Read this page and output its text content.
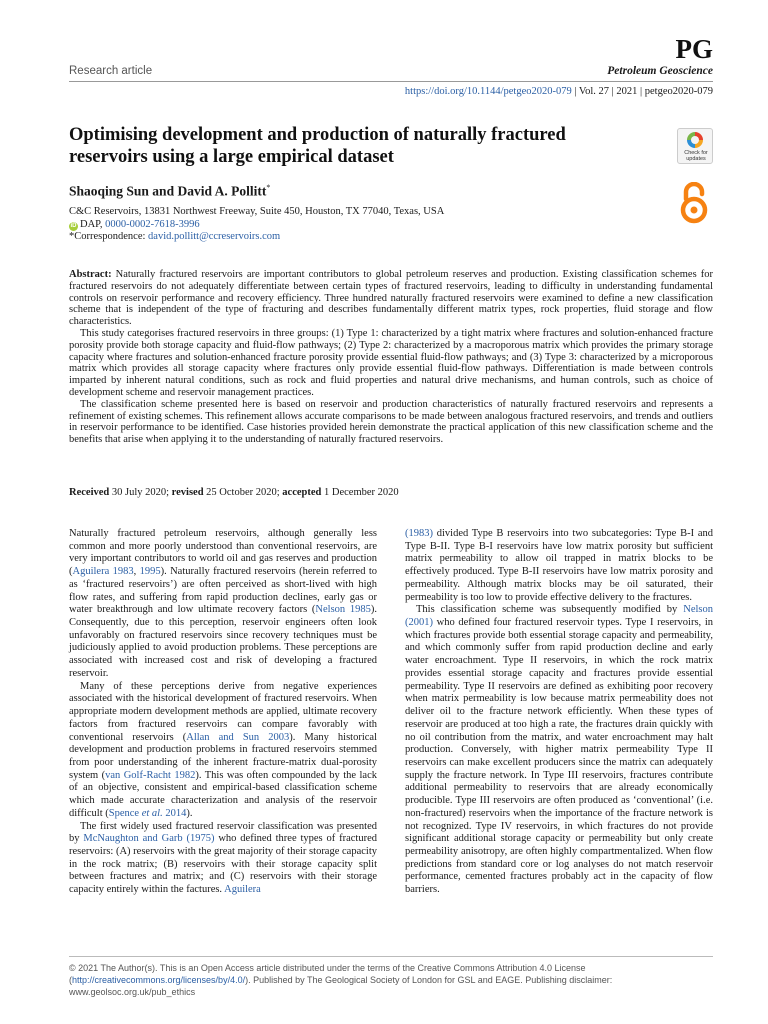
PG
Petroleum Geoscience
Research article
https://doi.org/10.1144/petgeo2020-079 | Vol. 27 | 2021 | petgeo2020-079
Optimising development and production of naturally fractured reservoirs using a large empirical dataset	Check for updates
Shaoqing Sun and David A. Pollitt*
C&C Reservoirs, 13831 Northwest Freeway, Suite 450, Houston, TX 77040, Texas, USA
iD DAP, 0000-0002-7618-3996
*Correspondence: david.pollitt@ccreservoirs.com

Abstract: Naturally fractured reservoirs are important contributors to global petroleum reserves and production. Existing classification schemes for fractured reservoirs do not adequately differentiate between certain types of fractured reservoirs, leading to difficulty in understanding fundamental controls on reservoir performance and recovery efficiency. Three hundred naturally fractured reservoirs were examined to define a new classification scheme that is independent of the type of fracturing and describes fundamentally different matrix types, rock properties, fluid storage and flow characteristics.

This study categorises fractured reservoirs in three groups: (1) Type 1: characterized by a tight matrix where fractures and solution-enhanced fracture porosity provide both storage capacity and fluid-flow pathways; (2) Type 2: characterized by a macroporous matrix which provides the primary storage capacity where fractures and solution-enhanced fracture porosity provide essential fluid-flow pathways; and (3) Type 3: characterized by a microporous matrix which provides all storage capacity where fractures only provide essential fluid-flow pathways. Differentiation is made between controls imparted by inherent natural conditions, such as rock and fluid properties and natural drive mechanisms, and human controls, such as choice of development scheme and reservoir management practices.

The classification scheme presented here is based on reservoir and production characteristics of naturally fractured reservoirs and represents a refinement of existing schemes. This refinement allows accurate comparisons to be made between analogous fractured reservoirs, and trends and outliers in reservoir performance to be identified. Case histories provided herein demonstrate the practical application of this new classification scheme and the benefits that arise when applying it to the understanding of naturally fractured reservoirs.

Received 30 July 2020; revised 25 October 2020; accepted 1 December 2020

Naturally fractured petroleum reservoirs, although generally less common and more poorly understood than conventional reservoirs, are very important contributors to world oil and gas reserves and production (Aguilera 1983, 1995). Naturally fractured reservoirs (herein referred to as ‘fractured reservoirs’) are often perceived as short-lived with high flow rates, and suffering from rapid production declines, early gas or water breakthrough and low ultimate recovery factors (Nelson 1985). Consequently, due to this perception, reservoir engineers often look unfavorably on fractured reservoirs since recovery techniques must be judiciously applied to avoid production problems. These perceptions are associated with increased cost and risk of developing a fractured reservoir.

Many of these perceptions derive from negative experiences associated with the historical development of fractured reservoirs. When appropriate modern development methods are applied, ultimate recovery factors from fractured reservoirs can compare favorably with conventional reservoirs (Allan and Sun 2003). Many historical development and production problems in fractured reservoirs stemmed from poor understanding of the inherent fracture-matrix dual-porosity system (van Golf-Racht 1982). This was often compounded by the lack of an objective, consistent and empirical-based classification scheme which made accurate characterization and analysis of the reservoir difficult (Spence et al. 2014).

The first widely used fractured reservoir classification was presented by McNaughton and Garb (1975) who defined three types of fractured reservoirs: (A) reservoirs with the great majority of their storage capacity in the rock matrix; (B) reservoirs with their storage capacity split between fractures and matrix; and (C) reservoirs with their storage capacity entirely within the factures. Aguilera

(1983) divided Type B reservoirs into two subcategories: Type B-I and Type B-II. Type B-I reservoirs have low matrix porosity but sufficient matrix permeability to allow oil trapped in matrix blocks to be effectively produced. Type B-II reservoirs have low matrix porosity and permeability. Although matrix blocks may be oil saturated, their permeability is too low to provide effective delivery to the fractures.

This classification scheme was subsequently modified by Nelson (2001) who defined four fractured reservoir types. Type I reservoirs, in which fractures provide both essential storage capacity and permeability, and which commonly suffer from rapid production decline and early water encroachment. Type II reservoirs, in which the rock matrix provides essential storage capacity and fractures provide essential permeability. Type II reservoirs are defined as exhibiting poor recovery when matrix permeability is low because matrix permeability does not deliver oil to the fracture network efficiently. When these types of reservoir are produced at too high a rate, the fractures drain quickly with no oil contribution from the matrix, and water encroachment may halt production. Conversely, with higher matrix permeability Type II reservoirs can make excellent producers since the matrix can adequately supply the fracture network. In Type III reservoirs, fractures contribute additional permeability to reservoirs that are already economically producible. Type III reservoirs are often produced as ‘conventional’ (i.e. non-fractured) reservoirs when the importance of the fracture network is not recognized. Type IV reservoirs, in which fractures do not provide significant additional storage capacity or permeability but only create permeability anisotropy, are often highly compartmentalized. When flow predictions from standard core or log analyses do not match reservoir performance, cemented fractures probably act in the capacity of flow barriers.

© 2021 The Author(s). This is an Open Access article distributed under the terms of the Creative Commons Attribution 4.0 License (http://creativecommons.org/licenses/by/4.0/). Published by The Geological Society of London for GSL and EAGE. Publishing disclaimer: www.geolsoc.org.uk/pub_ethics
